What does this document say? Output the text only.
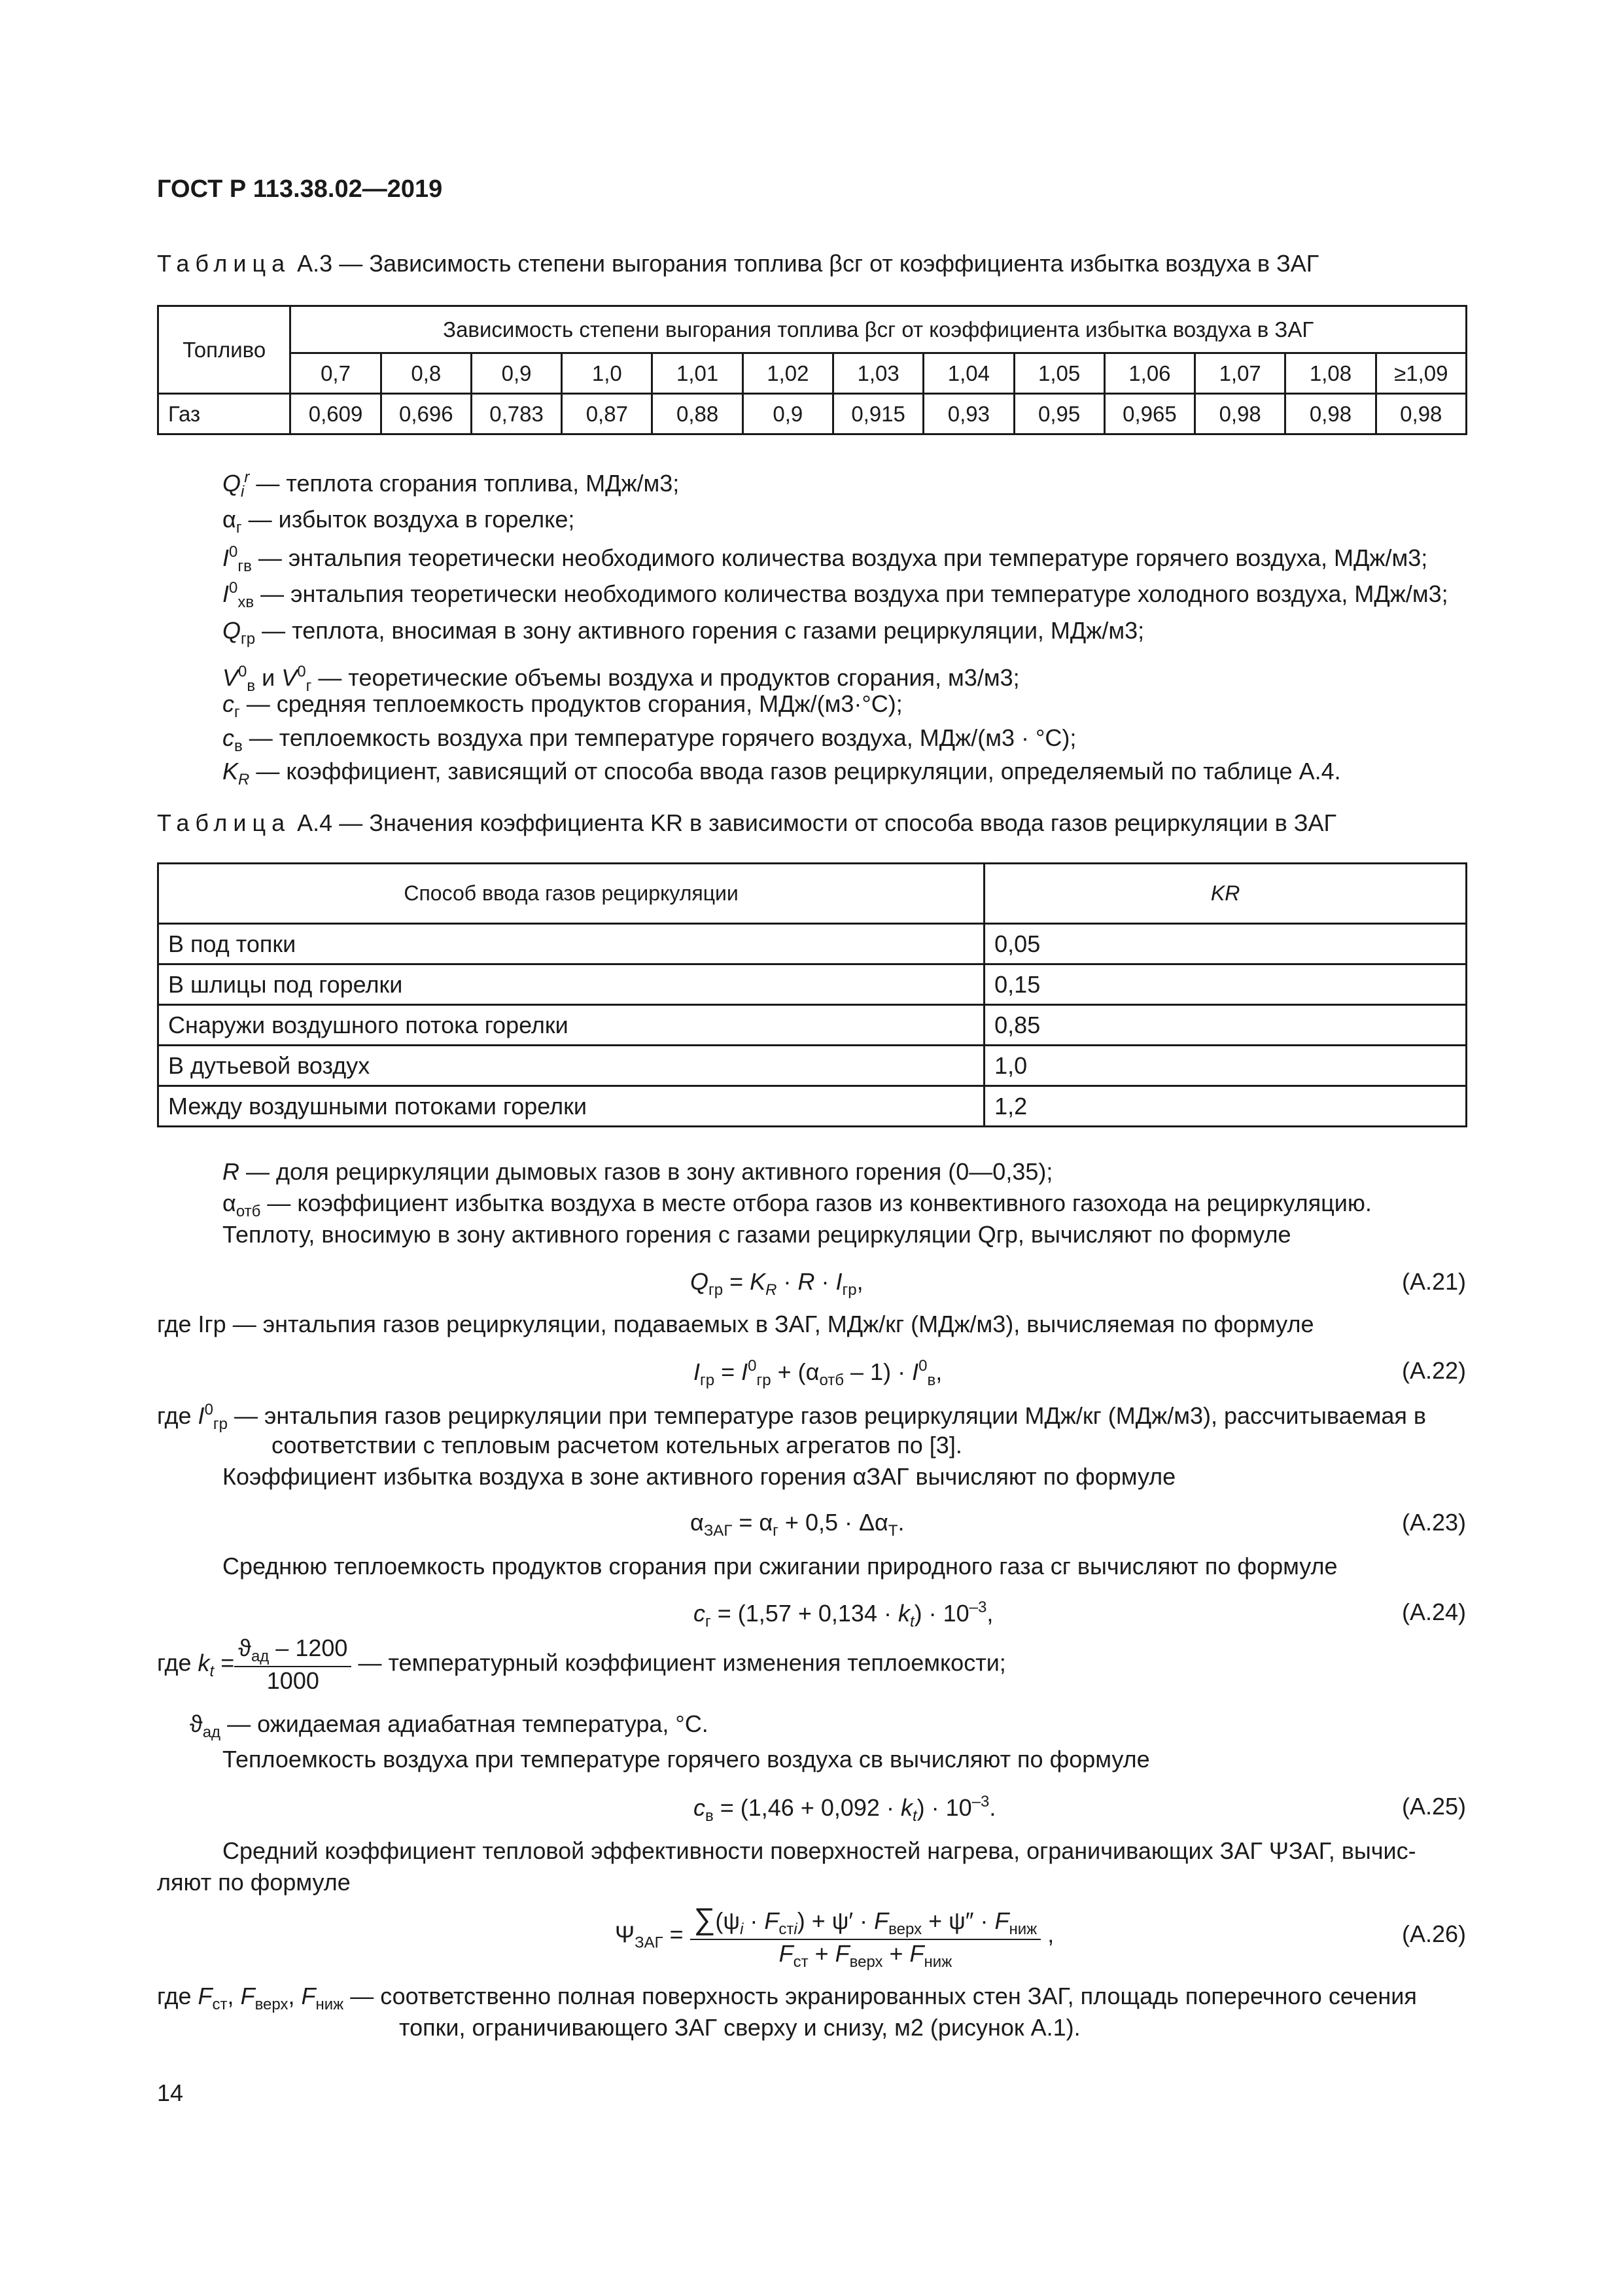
ГОСТ Р 113.38.02—2019
Таблица А.3 — Зависимость степени выгорания топлива βсг от коэффициента избытка воздуха в ЗАГ
Топливо	Зависимость степени выгорания топлива βсг от коэффициента избытка воздуха в ЗАГ												
	0,7	0,8	0,9	1,0	1,01	1,02	1,03	1,04	1,05	1,06	1,07	1,08	≥1,09
Газ	0,609	0,696	0,783	0,87	0,88	0,9	0,915	0,93	0,95	0,965	0,98	0,98	0,98
$Q_i^r$ — теплота сгорания топлива, МДж/м3;
$\alpha_г$ — избыток воздуха в горелке;
$I^0_{гв}$ — энтальпия теоретически необходимого количества воздуха при температуре горячего воздуха, МДж/м3;
$I^0_{хв}$ — энтальпия теоретически необходимого количества воздуха при температуре холодного воздуха, МДж/м3;
$Q_{гр}$ — теплота, вносимая в зону активного горения с газами рециркуляции, МДж/м3;
$V^0_в$ и $V^0_г$ — теоретические объемы воздуха и продуктов сгорания, м3/м3;
$c_г$ — средняя теплоемкость продуктов сгорания, МДж/(м3·°С);
$c_в$ — теплоемкость воздуха при температуре горячего воздуха, МДж/(м3 · °С);
$K_R$ — коэффициент, зависящий от способа ввода газов рециркуляции, определяемый по таблице А.4.
Таблица А.4 — Значения коэффициента KR в зависимости от способа ввода газов рециркуляции в ЗАГ
Способ ввода газов рециркуляции	KR
В под топки	0,05
В шлицы под горелки	0,15
Снаружи воздушного потока горелки	0,85
В дутьевой воздух	1,0
Между воздушными потоками горелки	1,2
R — доля рециркуляции дымовых газов в зону активного горения (0—0,35);
$\alpha_{отб}$ — коэффициент избытка воздуха в месте отбора газов из конвективного газохода на рециркуляцию.
Теплоту, вносимую в зону активного горения с газами рециркуляции Qгр, вычисляют по формуле
$Q_{гр} = K_R \cdot R \cdot I_{гр}$,	(А.21)
где Iгр — энтальпия газов рециркуляции, подаваемых в ЗАГ, МДж/кг (МДж/м3), вычисляемая по формуле
$I_{гр} = I^0_{гр} + (\alpha_{отб} - 1) \cdot I^0_в$,	(А.22)
где $I^0_{гр}$ — энтальпия газов рециркуляции при температуре газов рециркуляции МДж/кг (МДж/м3), рассчитываемая в
соответствии с тепловым расчетом котельных агрегатов по [3].
Коэффициент избытка воздуха в зоне активного горения αЗАГ вычисляют по формуле
$\alpha_{ЗАГ} = \alpha_г + 0,5 \cdot \Delta\alpha_Т$.	(А.23)
Среднюю теплоемкость продуктов сгорания при сжигании природного газа cг вычисляют по формуле
$c_г = (1,57 + 0,134 \cdot k_t) \cdot 10^{-3}$,	(А.24)
где $k_t = \frac{ϑ_{ад} - 1200}{1000}$ — температурный коэффициент изменения теплоемкости;
$ϑ_{ад}$ — ожидаемая адиабатная температура, °С.
Теплоемкость воздуха при температуре горячего воздуха cв вычисляют по формуле
$c_в = (1,46 + 0,092 \cdot k_t) \cdot 10^{-3}$.	(А.25)
Средний коэффициент тепловой эффективности поверхностей нагрева, ограничивающих ЗАГ ΨЗАГ, вычис-
ляют по формуле
$\Psi_{ЗАГ} = \frac{\sum(\psi_i \cdot F_{стi}) + \psi' \cdot F_{верх} + \psi'' \cdot F_{ниж}}{F_{ст} + F_{верх} + F_{ниж}}$ ,	(А.26)
где $F_{ст}$, $F_{верх}$, $F_{ниж}$ — соответственно полная поверхность экранированных стен ЗАГ, площадь поперечного сечения
топки, ограничивающего ЗАГ сверху и снизу, м2 (рисунок А.1).
14
